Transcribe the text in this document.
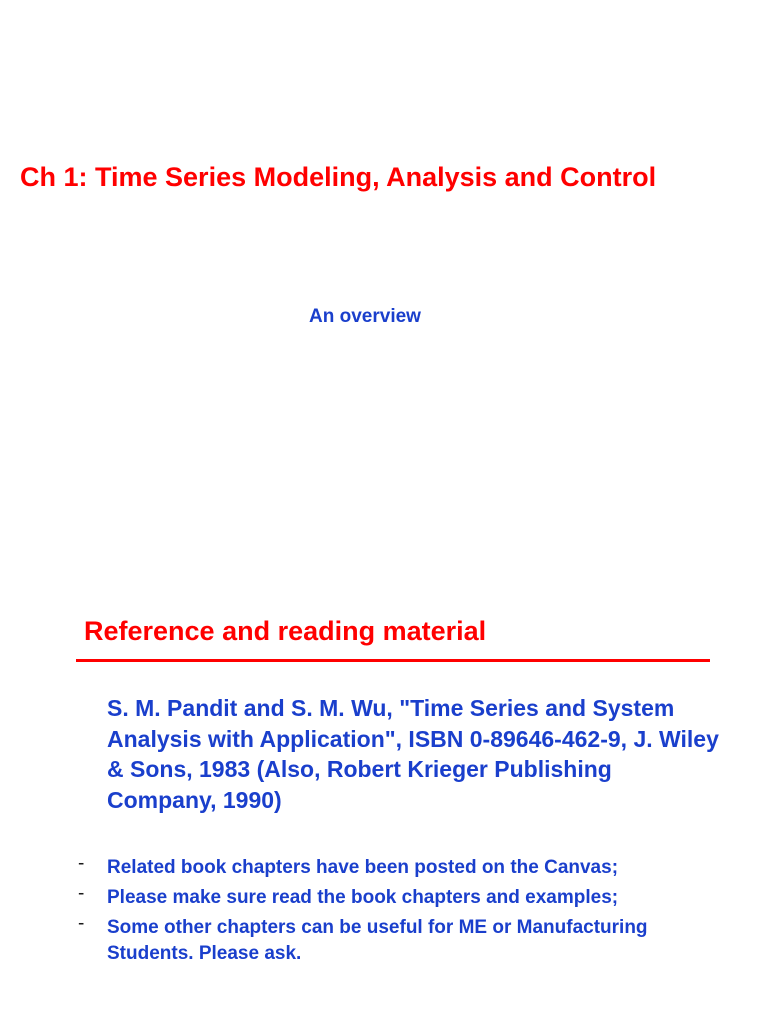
Ch 1: Time Series Modeling, Analysis and Control
An overview
Reference and reading material

S. M. Pandit and S. M. Wu, "Time Series and System Analysis with Application", ISBN 0-89646-462-9, J. Wiley & Sons, 1983 (Also, Robert Krieger Publishing Company, 1990)

- Related book chapters have been posted on the Canvas;
- Please make sure read the book chapters and examples;
- Some other chapters can be useful for ME or Manufacturing Students. Please ask.
